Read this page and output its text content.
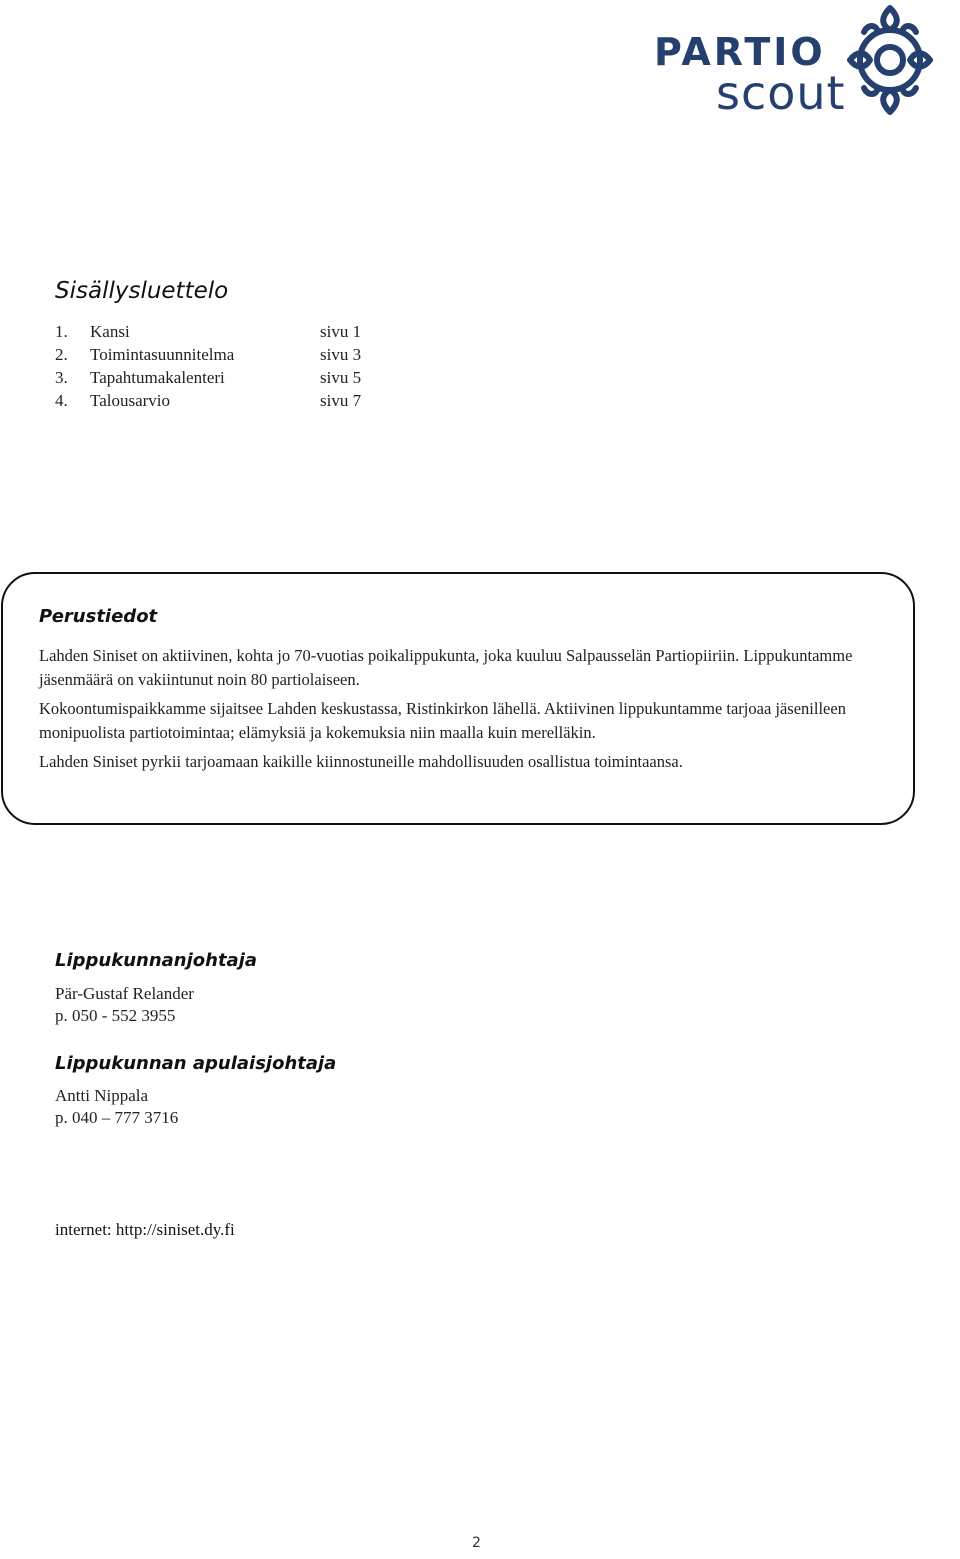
PARTIO
scout
Sisällysluettelo
1.	Kansi	sivu 1
2.	Toimintasuunnitelma	sivu 3
3.	Tapahtumakalenteri	sivu 5
4.	Talousarvio	sivu 7
Perustiedot

Lahden Siniset on aktiivinen, kohta jo 70-vuotias poikalippukunta, joka kuuluu Salpausselän Partiopiiriin. Lippukuntamme jäsenmäärä on vakiintunut noin 80 partiolaiseen.

Kokoontumispaikkamme sijaitsee Lahden keskustassa, Ristinkirkon lähellä. Aktiivinen lippukuntamme tarjoaa jäsenilleen monipuolista partiotoimintaa; elämyksiä ja kokemuksia niin maalla kuin merelläkin.

Lahden Siniset pyrkii tarjoamaan kaikille kiinnostuneille mahdollisuuden osallistua toimintaansa.

Lippukunnanjohtaja
Pär-Gustaf Relander
p. 050 - 552 3955
Lippukunnan apulaisjohtaja
Antti Nippala
p. 040 – 777 3716
internet: http://siniset.dy.fi
2
